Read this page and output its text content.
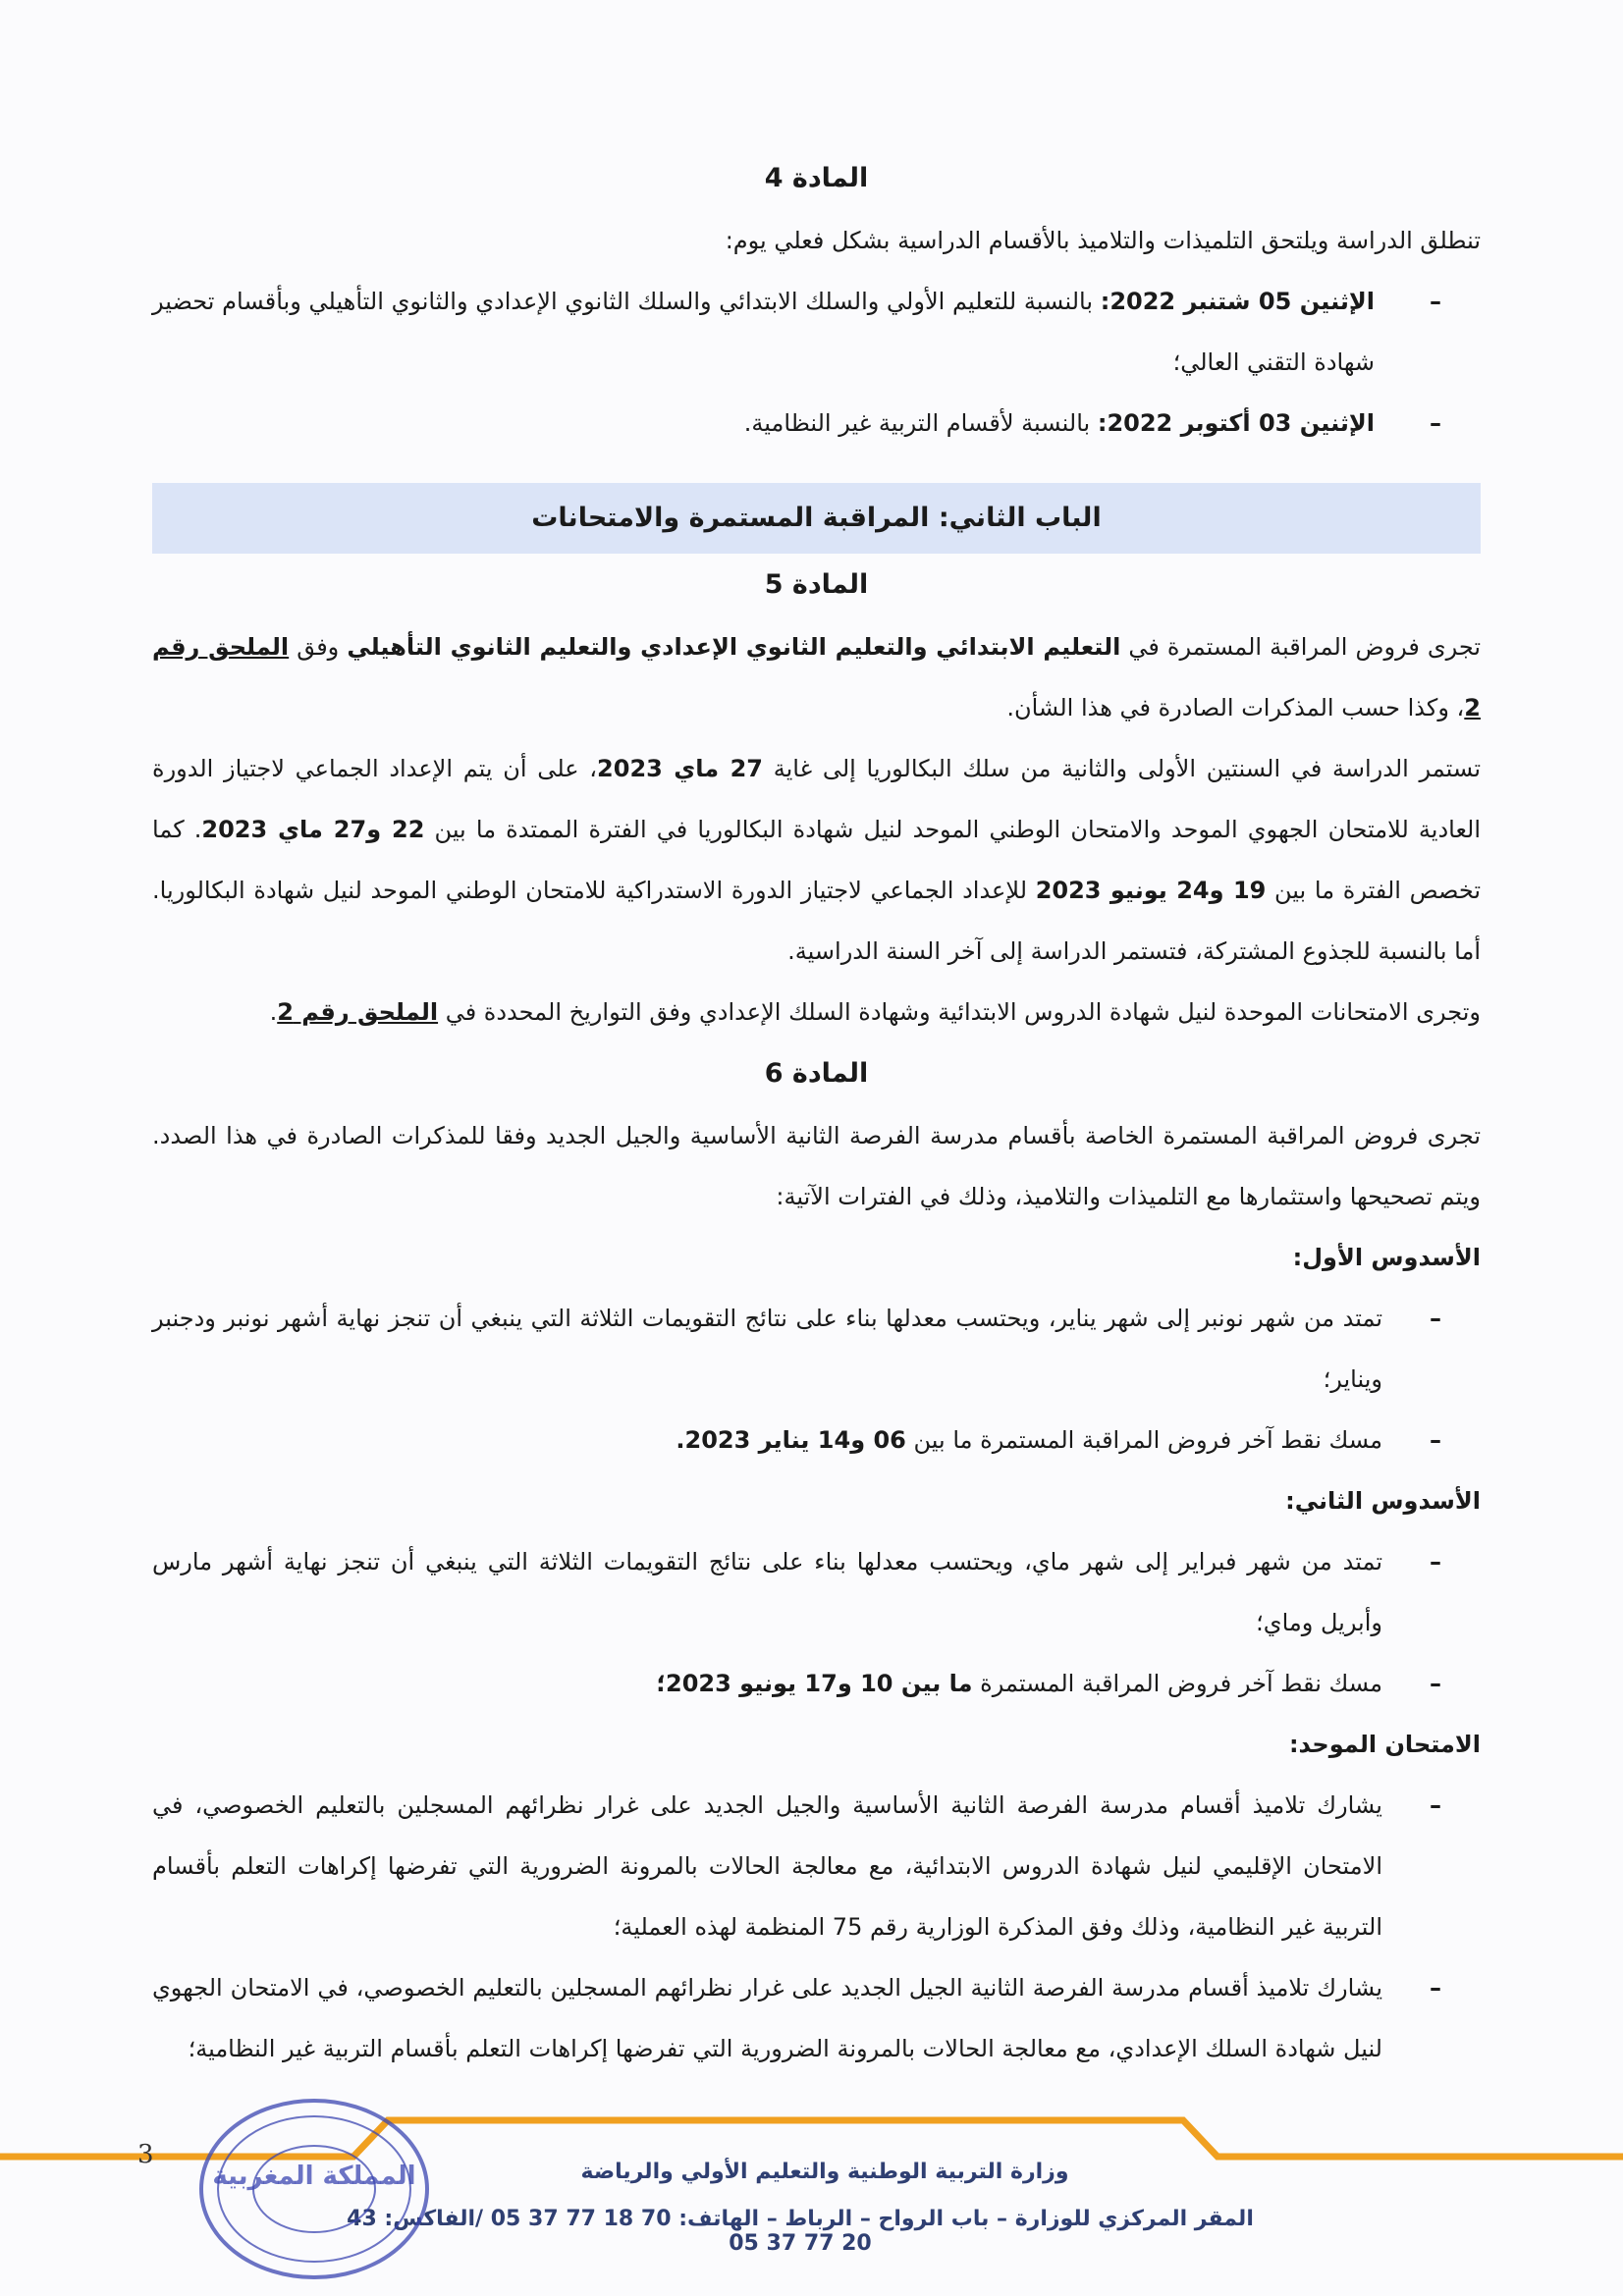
المادة 4

تنطلق الدراسة ويلتحق التلميذات والتلاميذ بالأقسام الدراسية بشكل فعلي يوم:

– الإثنين 05 شتنبر 2022: بالنسبة للتعليم الأولي والسلك الابتدائي والسلك الثانوي الإعدادي والثانوي التأهيلي وبأقسام تحضير شهادة التقني العالي؛
– الإثنين 03 أكتوبر 2022: بالنسبة لأقسام التربية غير النظامية.
الباب الثاني: المراقبة المستمرة والامتحانات
المادة 5

تجرى فروض المراقبة المستمرة في التعليم الابتدائي والتعليم الثانوي الإعدادي والتعليم الثانوي التأهيلي وفق الملحق رقم 2، وكذا حسب المذكرات الصادرة في هذا الشأن.

تستمر الدراسة في السنتين الأولى والثانية من سلك البكالوريا إلى غاية 27 ماي 2023، على أن يتم الإعداد الجماعي لاجتياز الدورة العادية للامتحان الجهوي الموحد والامتحان الوطني الموحد لنيل شهادة البكالوريا في الفترة الممتدة ما بين 22 و27 ماي 2023. كما تخصص الفترة ما بين 19 و24 يونيو 2023 للإعداد الجماعي لاجتياز الدورة الاستدراكية للامتحان الوطني الموحد لنيل شهادة البكالوريا. أما بالنسبة للجذوع المشتركة، فتستمر الدراسة إلى آخر السنة الدراسية.

وتجرى الامتحانات الموحدة لنيل شهادة الدروس الابتدائية وشهادة السلك الإعدادي وفق التواريخ المحددة في الملحق رقم 2.

المادة 6

تجرى فروض المراقبة المستمرة الخاصة بأقسام مدرسة الفرصة الثانية الأساسية والجيل الجديد وفقا للمذكرات الصادرة في هذا الصدد. ويتم تصحيحها واستثمارها مع التلميذات والتلاميذ، وذلك في الفترات الآتية:

الأسدوس الأول:

– تمتد من شهر نونبر إلى شهر يناير، ويحتسب معدلها بناء على نتائج التقويمات الثلاثة التي ينبغي أن تنجز نهاية أشهر نونبر ودجنبر ويناير؛
– مسك نقط آخر فروض المراقبة المستمرة ما بين 06 و14 يناير 2023.

الأسدوس الثاني:

– تمتد من شهر فبراير إلى شهر ماي، ويحتسب معدلها بناء على نتائج التقويمات الثلاثة التي ينبغي أن تنجز نهاية أشهر مارس وأبريل وماي؛
– مسك نقط آخر فروض المراقبة المستمرة ما بين 10 و17 يونيو 2023؛

الامتحان الموحد:

– يشارك تلاميذ أقسام مدرسة الفرصة الثانية الأساسية والجيل الجديد على غرار نظرائهم المسجلين بالتعليم الخصوصي، في الامتحان الإقليمي لنيل شهادة الدروس الابتدائية، مع معالجة الحالات بالمرونة الضرورية التي تفرضها إكراهات التعلم بأقسام التربية غير النظامية، وذلك وفق المذكرة الوزارية رقم 75 المنظمة لهذه العملية؛
– يشارك تلاميذ أقسام مدرسة الفرصة الثانية الجيل الجديد على غرار نظرائهم المسجلين بالتعليم الخصوصي، في الامتحان الجهوي لنيل شهادة السلك الإعدادي، مع معالجة الحالات بالمرونة الضرورية التي تفرضها إكراهات التعلم بأقسام التربية غير النظامية؛
3
وزارة التربية الوطنية والتعليم الأولي والرياضة
المقر المركزي للوزارة – باب الرواح – الرباط – الهاتف: 70 18 77 37 05 /الفاكس: 43 20 77 37 05
المملكة المغربية
